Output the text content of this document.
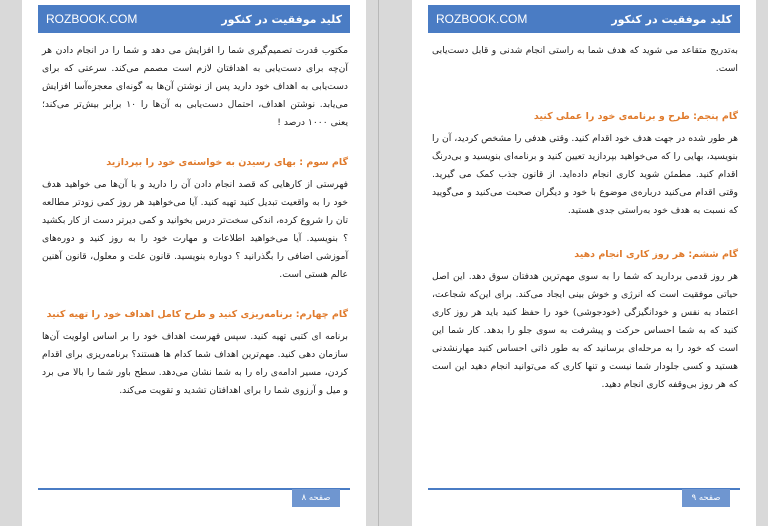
ROZBOOK.COM	کلید موفقیت در کنکور

مکتوب قدرت تصمیم‌گیری شما را افزایش می دهد و شما را در انجام دادن هر آن‌چه برای دست‌یابی به اهدافتان لازم است مصمم می‌کند. سرعتی که برای دست‌یابی به اهداف خود دارید پس از نوشتن آن‌ها به گونه‌ای معجزه‌آسا افزایش می‌یابد. نوشتن اهداف، احتمال دست‌یابی به آن‌ها را ۱۰ برابر بیش‌تر می‌کند؛ یعنی ۱۰۰۰ درصد !

گام سوم : بهای رسیدن به خواسته‌ی خود را بپردازید

فهرستی از کارهایی که قصد انجام دادن آن را دارید و با آن‌ها می خواهید هدف خود را به واقعیت تبدیل کنید تهیه کنید. آیا می‌خواهید هر روز کمی زودتر مطالعه تان را شروع کرده، اندکی سخت‌تر درس بخوانید و کمی دیرتر دست از کار بکشید ؟ بنویسید. آیا می‌خواهید اطلاعات و مهارت خود را به روز کنید و دوره‌های آموزشی اضافی را بگذرانید ؟ دوباره بنویسید. قانون علت و معلول، قانون آهنین عالم هستی است.

گام چهارم: برنامه‌ریزی کنید و طرح کامل اهداف خود را تهیه کنید

برنامه ای کتبی تهیه کنید. سپس فهرست اهداف خود را بر اساس اولویت آن‌ها سازمان دهی کنید. مهم‌ترین اهداف شما کدام ها هستند؟ برنامه‌ریزی برای اقدام کردن، مسیر ادامه‌ی راه را به شما نشان می‌دهد. سطح باور شما را بالا می برد و میل و آرزوی شما را برای اهدافتان تشدید و تقویت می‌کند.

صفحه ۸
ROZBOOK.COM	کلید موفقیت در کنکور

به‌تدریج متقاعد می شوید که هدف شما به راستی انجام شدنی و قابل دست‌یابی است.

گام پنجم: طرح و برنامه‌ی خود را عملی کنید

هر طور شده در جهت هدف خود اقدام کنید. وقتی هدفی را مشخص کردید، آن را بنویسید، بهایی را که می‌خواهید بپردازید تعیین کنید و برنامه‌ای بنویسید و بی‌درنگ اقدام کنید. مطمئن شوید کاری انجام داده‌اید. از قانون جذب کمک می گیرید. وقتی اقدام می‌کنید درباره‌ی موضوع با خود و دیگران صحبت می‌کنید و می‌گویید که نسبت به هدف خود به‌راستی جدی هستید.

گام ششم: هر روز کاری انجام دهید

هر روز قدمی بردارید که شما را به سوی مهم‌ترین هدفتان سوق دهد. این اصل حیاتی موفقیت است که انرژی و خوش بینی ایجاد می‌کند. برای این‌که شجاعت، اعتماد به نفس و خودانگیزگی (خودجوشی) خود را حفظ کنید باید هر روز کاری کنید که به شما احساس حرکت و پیشرفت به سوی جلو را بدهد. کار شما این است که خود را به مرحله‌ای برسانید که به طور ذاتی احساس کنید مهارنشدنی هستید و کسی جلودار شما نیست و تنها کاری که می‌توانید انجام دهید این است که هر روز بی‌وقفه کاری انجام دهید.

صفحه ۹
